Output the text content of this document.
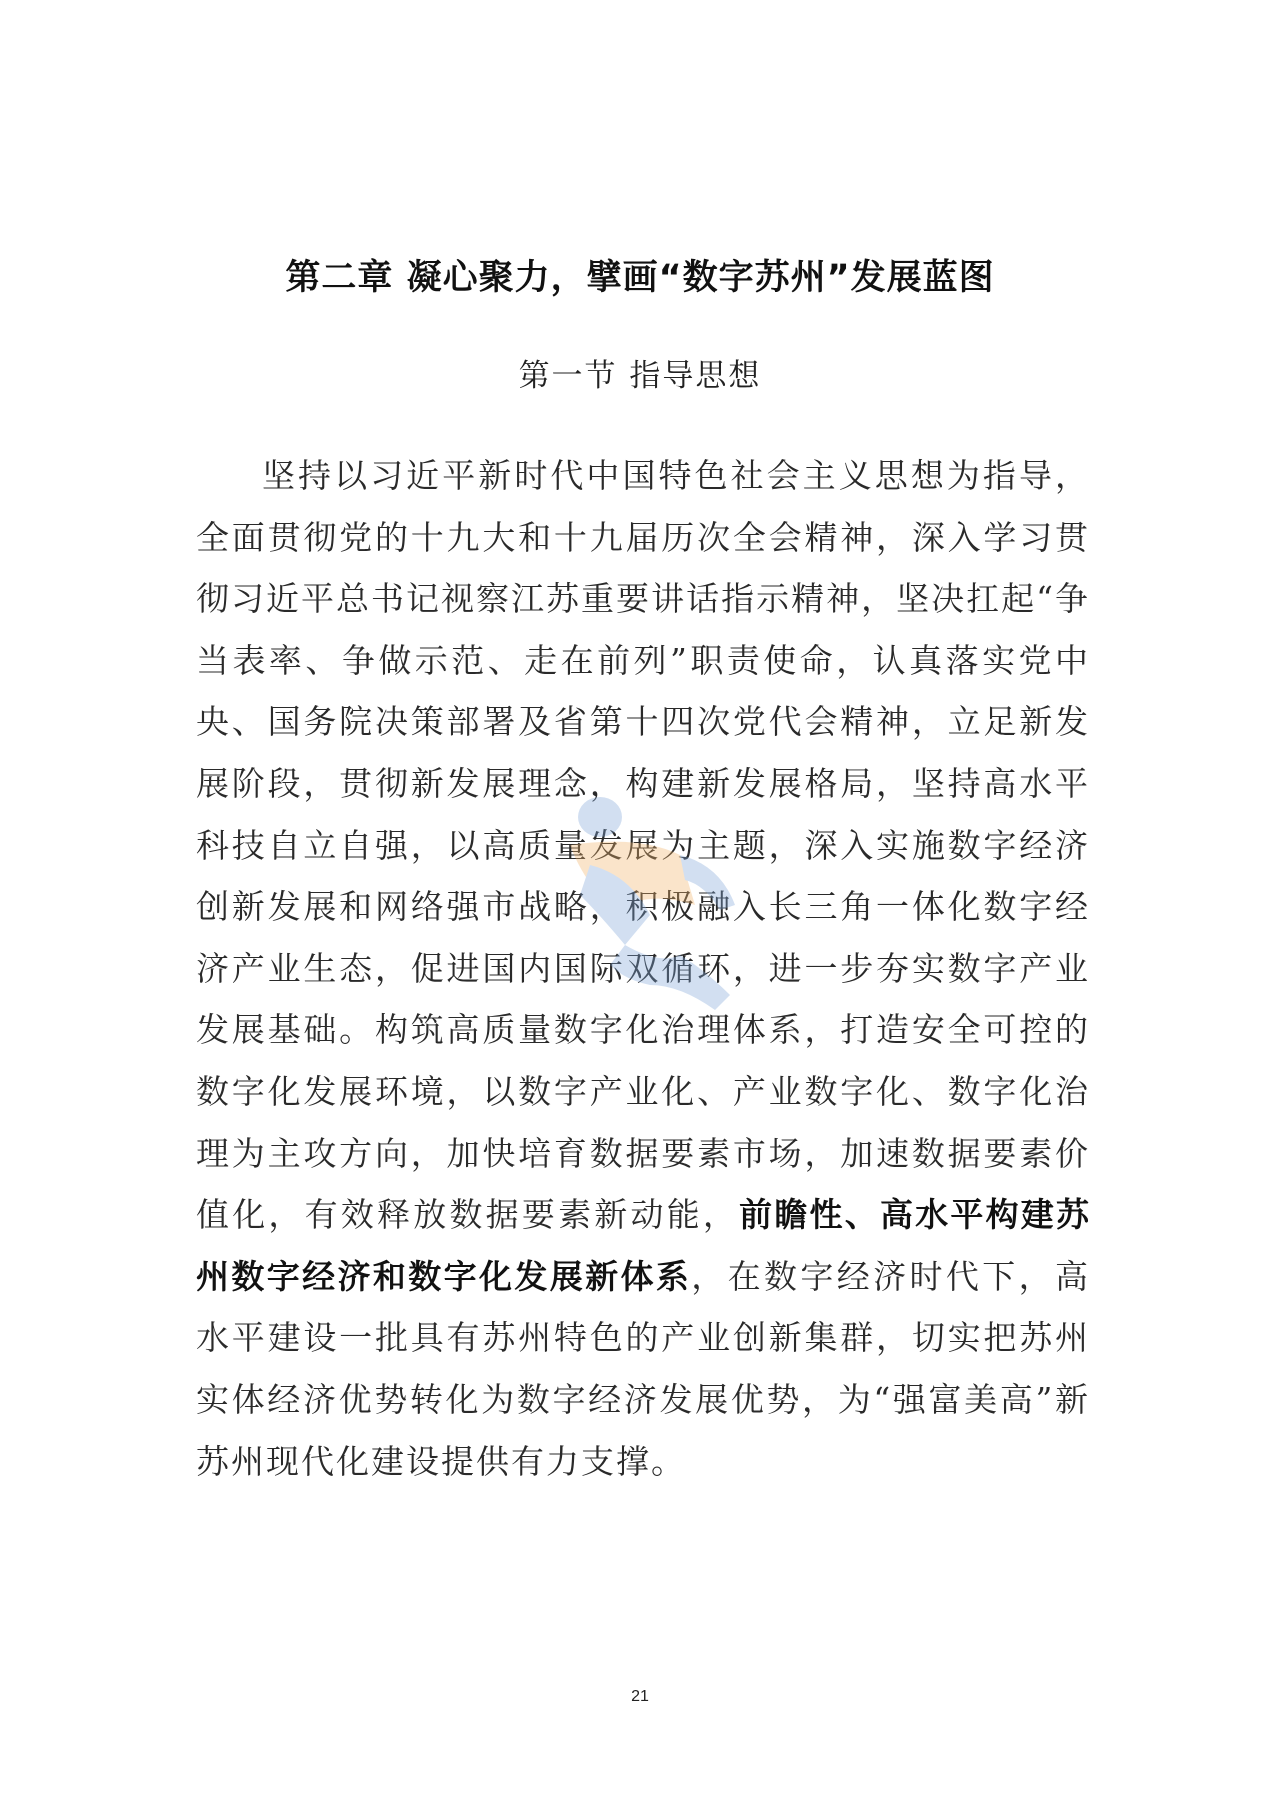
第二章 凝心聚力，擘画“数字苏州”发展蓝图
第一节 指导思想

坚持以习近平新时代中国特色社会主义思想为指导，全面贯彻党的十九大和十九届历次全会精神，深入学习贯彻习近平总书记视察江苏重要讲话指示精神，坚决扛起“争当表率、争做示范、走在前列”职责使命，认真落实党中央、国务院决策部署及省第十四次党代会精神，立足新发展阶段，贯彻新发展理念，构建新发展格局，坚持高水平科技自立自强，以高质量发展为主题，深入实施数字经济创新发展和网络强市战略，积极融入长三角一体化数字经济产业生态，促进国内国际双循环，进一步夯实数字产业发展基础。构筑高质量数字化治理体系，打造安全可控的数字化发展环境，以数字产业化、产业数字化、数字化治理为主攻方向，加快培育数据要素市场，加速数据要素价值化，有效释放数据要素新动能，前瞻性、高水平构建苏州数字经济和数字化发展新体系，在数字经济时代下，高水平建设一批具有苏州特色的产业创新集群，切实把苏州实体经济优势转化为数字经济发展优势，为“强富美高”新苏州现代化建设提供有力支撑。

21
